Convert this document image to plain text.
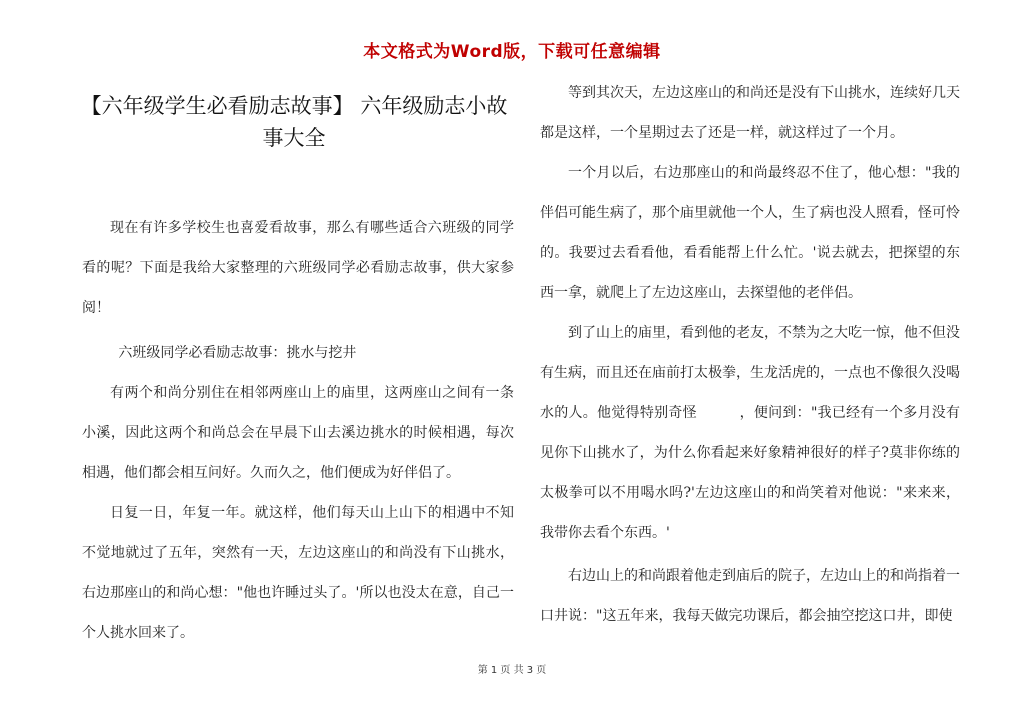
本文格式为Word版，下载可任意编辑
【六年级学生必看励志故事】 六年级励志小故事大全

现在有许多学校生也喜爱看故事，那么有哪些适合六班级的同学看的呢？下面是我给大家整理的六班级同学必看励志故事，供大家参阅！

六班级同学必看励志故事：挑水与挖井

有两个和尚分别住在相邻两座山上的庙里，这两座山之间有一条小溪，因此这两个和尚总会在早晨下山去溪边挑水的时候相遇，每次相遇，他们都会相互问好。久而久之，他们便成为好伴侣了。

日复一日，年复一年。就这样，他们每天山上山下的相遇中不知不觉地就过了五年，突然有一天，左边这座山的和尚没有下山挑水，右边那座山的和尚心想："他也许睡过头了。'所以也没太在意，自己一个人挑水回来了。

等到其次天，左边这座山的和尚还是没有下山挑水，连续好几天都是这样，一个星期过去了还是一样，就这样过了一个月。

一个月以后，右边那座山的和尚最终忍不住了，他心想："我的伴侣可能生病了，那个庙里就他一个人，生了病也没人照看，怪可怜的。我要过去看看他，看看能帮上什么忙。'说去就去，把探望的东西一拿，就爬上了左边这座山，去探望他的老伴侣。

到了山上的庙里，看到他的老友，不禁为之大吃一惊，他不但没有生病，而且还在庙前打太极拳，生龙活虎的，一点也不像很久没喝水的人。他觉得特别奇怪　　　，便问到："我已经有一个多月没有见你下山挑水了，为什么你看起来好象精神很好的样子?莫非你练的太极拳可以不用喝水吗?'左边这座山的和尚笑着对他说："来来来，我带你去看个东西。'

右边山上的和尚跟着他走到庙后的院子，左边山上的和尚指着一口井说："这五年来，我每天做完功课后，都会抽空挖这口井，即使

第 1 页 共 3 页
